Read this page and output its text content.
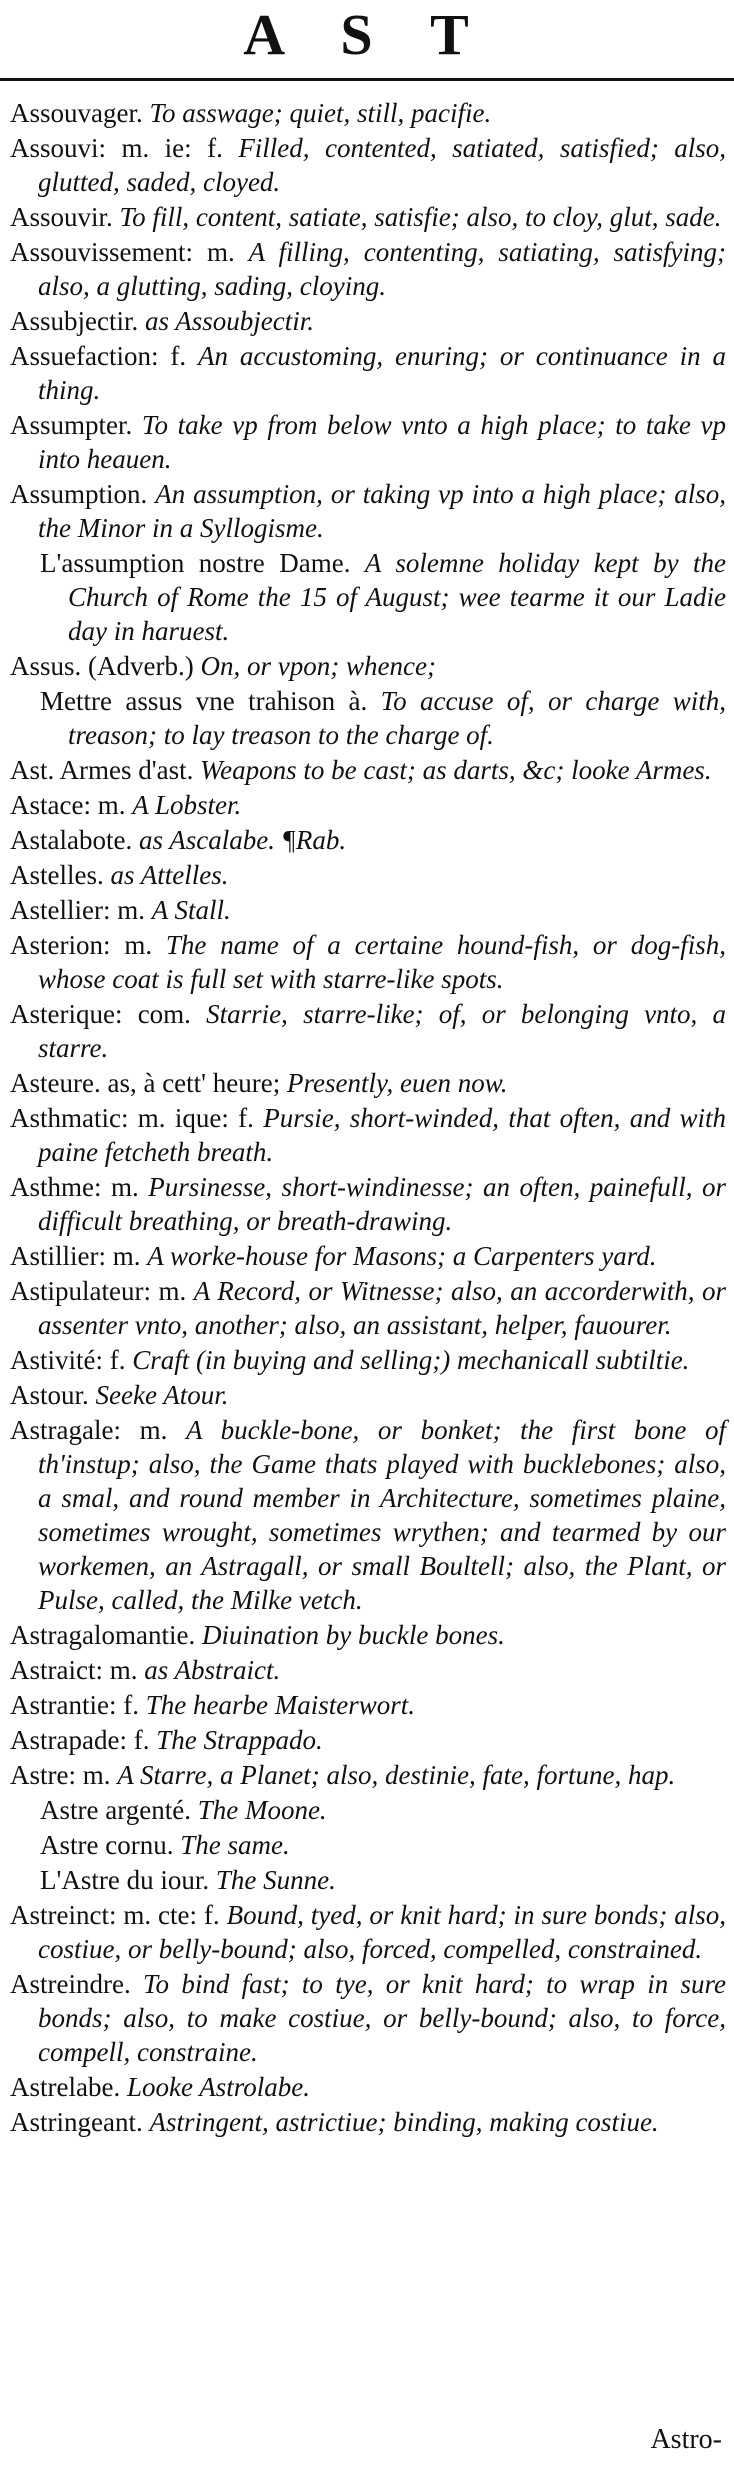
A S T
Assouvager. To asswage; quiet, still, pacifie.
Assouvi: m. ie: f. Filled, contented, satiated, satisfied; also, glutted, saded, cloyed.
Assouvir. To fill, content, satiate, satisfie; also, to cloy, glut, sade.
Assouvissement: m. A filling, contenting, satiating, satisfying; also, a glutting, sading, cloying.
Assubjectir. as Assoubjectir.
Assuefaction: f. An accustoming, enuring; or continuance in a thing.
Assumpter. To take vp from below vnto a high place; to take vp into heauen.
Assumption. An assumption, or taking vp into a high place; also, the Minor in a Syllogisme.
L'assumption nostre Dame. A solemne holiday kept by the Church of Rome the 15 of August; wee tearme it our Ladie day in haruest.
Assus. (Adverb.) On, or vpon; whence;
Mettre assus vne trahison à. To accuse of, or charge with, treason; to lay treason to the charge of.
Ast. Armes d'ast. Weapons to be cast; as darts, &c; looke Armes.
Astace: m. A Lobster.
Astalabote. as Ascalabe. ¶Rab.
Astelles. as Attelles.
Astellier: m. A Stall.
Asterion: m. The name of a certaine hound-fish, or dog-fish, whose coat is full set with starre-like spots.
Asterique: com. Starrie, starre-like; of, or belonging vnto, a starre.
Asteure. as, à cett' heure; Presently, euen now.
Asthmatic: m. ique: f. Pursie, short-winded, that often, and with paine fetcheth breath.
Asthme: m. Pursinesse, short-windinesse; an often, painefull, or difficult breathing, or breath-drawing.
Astillier: m. A worke-house for Masons; a Carpenters yard.
Astipulateur: m. A Record, or Witnesse; also, an accorderwith, or assenter vnto, another; also, an assistant, helper, fauourer.
Astivité: f. Craft (in buying and selling;) mechanicall subtiltie.
Astour. Seeke Atour.
Astragale: m. A buckle-bone, or bonket; the first bone of th'instup; also, the Game thats played with bucklebones; also, a smal, and round member in Architecture, sometimes plaine, sometimes wrought, sometimes wrythen; and tearmed by our workemen, an Astragall, or small Boultell; also, the Plant, or Pulse, called, the Milke vetch.
Astragalomantie. Diuination by buckle bones.
Astraict: m. as Abstraict.
Astrantie: f. The hearbe Maisterwort.
Astrapade: f. The Strappado.
Astre: m. A Starre, a Planet; also, destinie, fate, fortune, hap.
Astre argenté. The Moone.
Astre cornu. The same.
L'Astre du iour. The Sunne.
Astreinct: m. cte: f. Bound, tyed, or knit hard; in sure bonds; also, costiue, or belly-bound; also, forced, compelled, constrained.
Astreindre. To bind fast; to tye, or knit hard; to wrap in sure bonds; also, to make costiue, or belly-bound; also, to force, compell, constraine.
Astrelabe. Looke Astrolabe.
Astringeant. Astringent, astrictiue; binding, making costiue.
Astro-
